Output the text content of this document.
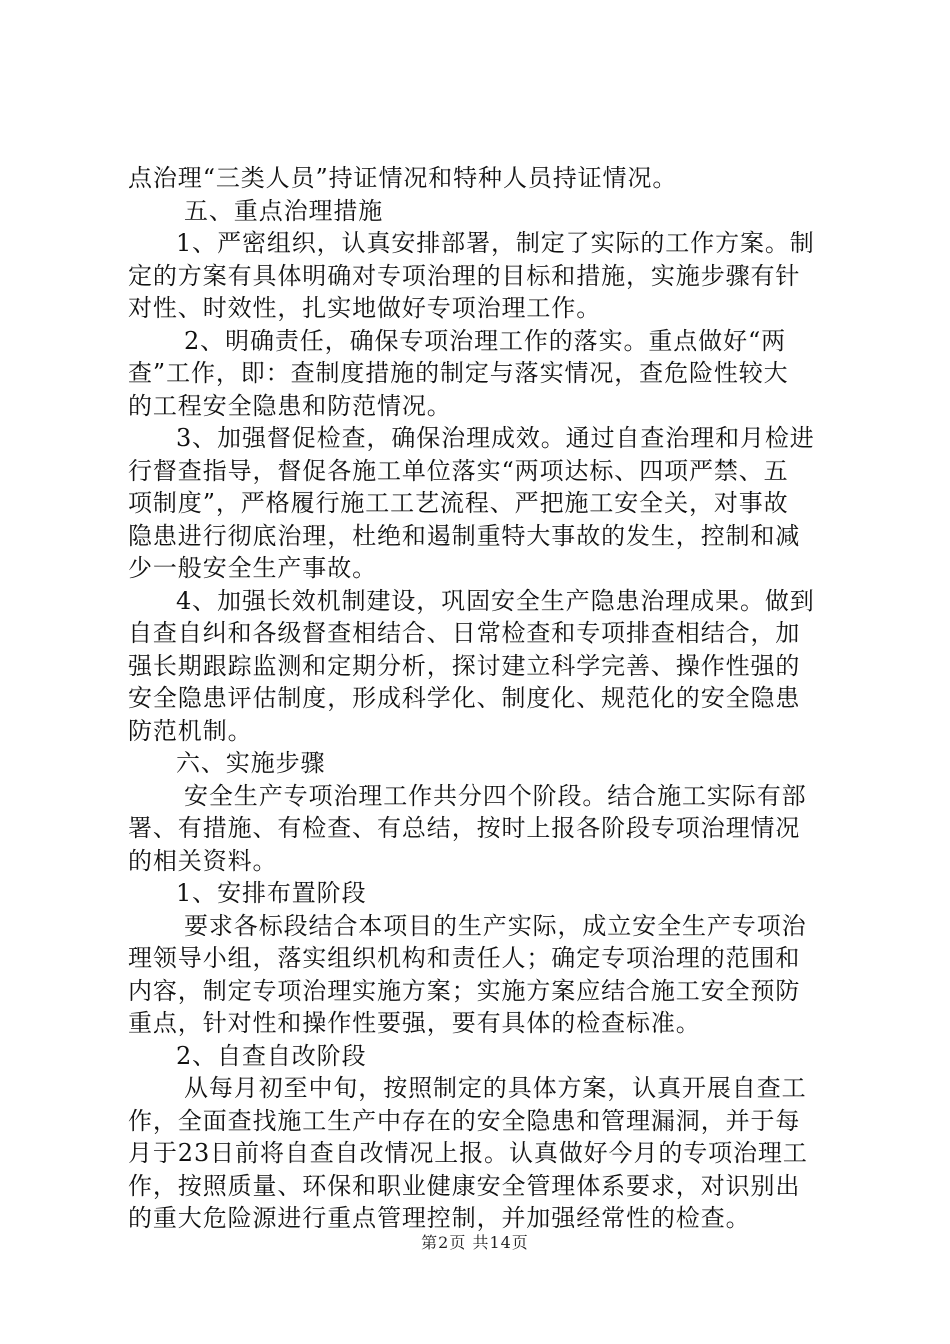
点治理“三类人员”持证情况和特种人员持证情况。
五、重点治理措施
1、严密组织，认真安排部署，制定了实际的工作方案。制
定的方案有具体明确对专项治理的目标和措施，实施步骤有针
对性、时效性，扎实地做好专项治理工作。
2、明确责任，确保专项治理工作的落实。重点做好“两
查”工作，即：查制度措施的制定与落实情况，查危险性较大
的工程安全隐患和防范情况。
3、加强督促检查，确保治理成效。通过自查治理和月检进
行督查指导，督促各施工单位落实“两项达标、四项严禁、五
项制度”，严格履行施工工艺流程、严把施工安全关，对事故
隐患进行彻底治理，杜绝和遏制重特大事故的发生，控制和减
少一般安全生产事故。
4、加强长效机制建设，巩固安全生产隐患治理成果。做到
自查自纠和各级督查相结合、日常检查和专项排查相结合，加
强长期跟踪监测和定期分析，探讨建立科学完善、操作性强的
安全隐患评估制度，形成科学化、制度化、规范化的安全隐患
防范机制。
六、实施步骤
安全生产专项治理工作共分四个阶段。结合施工实际有部
署、有措施、有检查、有总结，按时上报各阶段专项治理情况
的相关资料。
1、安排布置阶段
要求各标段结合本项目的生产实际，成立安全生产专项治
理领导小组，落实组织机构和责任人；确定专项治理的范围和
内容，制定专项治理实施方案；实施方案应结合施工安全预防
重点，针对性和操作性要强，要有具体的检查标准。
2、自查自改阶段
从每月初至中旬，按照制定的具体方案，认真开展自查工
作，全面查找施工生产中存在的安全隐患和管理漏洞，并于每
月于23日前将自查自改情况上报。认真做好今月的专项治理工
作，按照质量、环保和职业健康安全管理体系要求，对识别出
的重大危险源进行重点管理控制，并加强经常性的检查。
第2页 共14页
